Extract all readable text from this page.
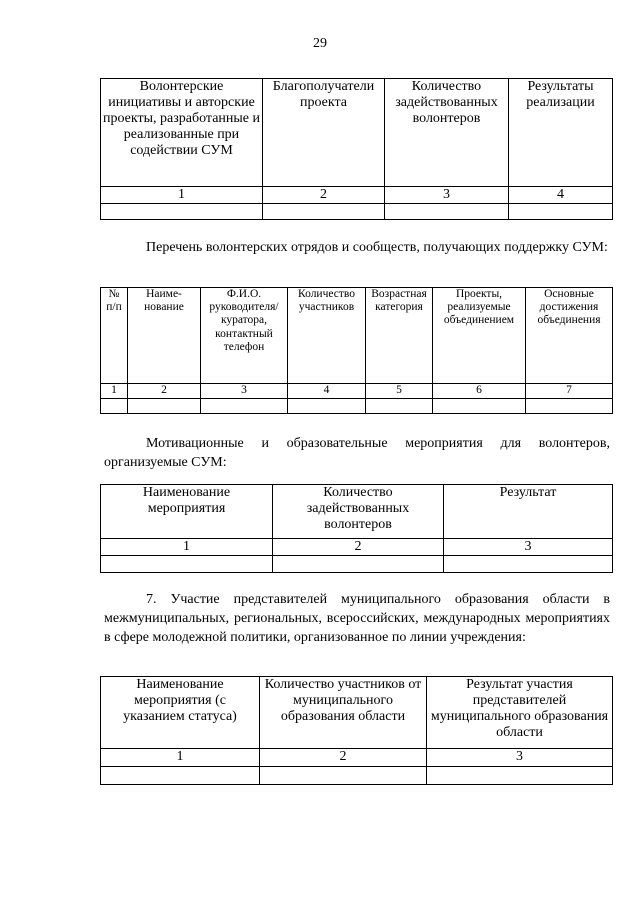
29
Волонтерские инициативы и авторские проекты, разработанные и реализованные при содействии СУМ	Благополучатели проекта	Количество задействованных волонтеров	Результаты реализации
1	2	3	4

Перечень волонтерских отрядов и сообществ, получающих поддержку СУМ:
№ п/п	Наиме- нование	Ф.И.О. руководителя/ куратора, контактный телефон	Количество участников	Возрастная категория	Проекты, реализуемые объединением	Основные достижения объединения
1	2	3	4	5	6	7

Мотивационные и образовательные мероприятия для волонтеров, организуемые СУМ:
Наименование мероприятия	Количество задействованных волонтеров	Результат
1	2	3

7. Участие представителей муниципального образования области в межмуниципальных, региональных, всероссийских, международных мероприятиях в сфере молодежной политики, организованное по линии учреждения:
Наименование мероприятия (с указанием статуса)	Количество участников от муниципального образования области	Результат участия представителей муниципального образования области
1	2	3
